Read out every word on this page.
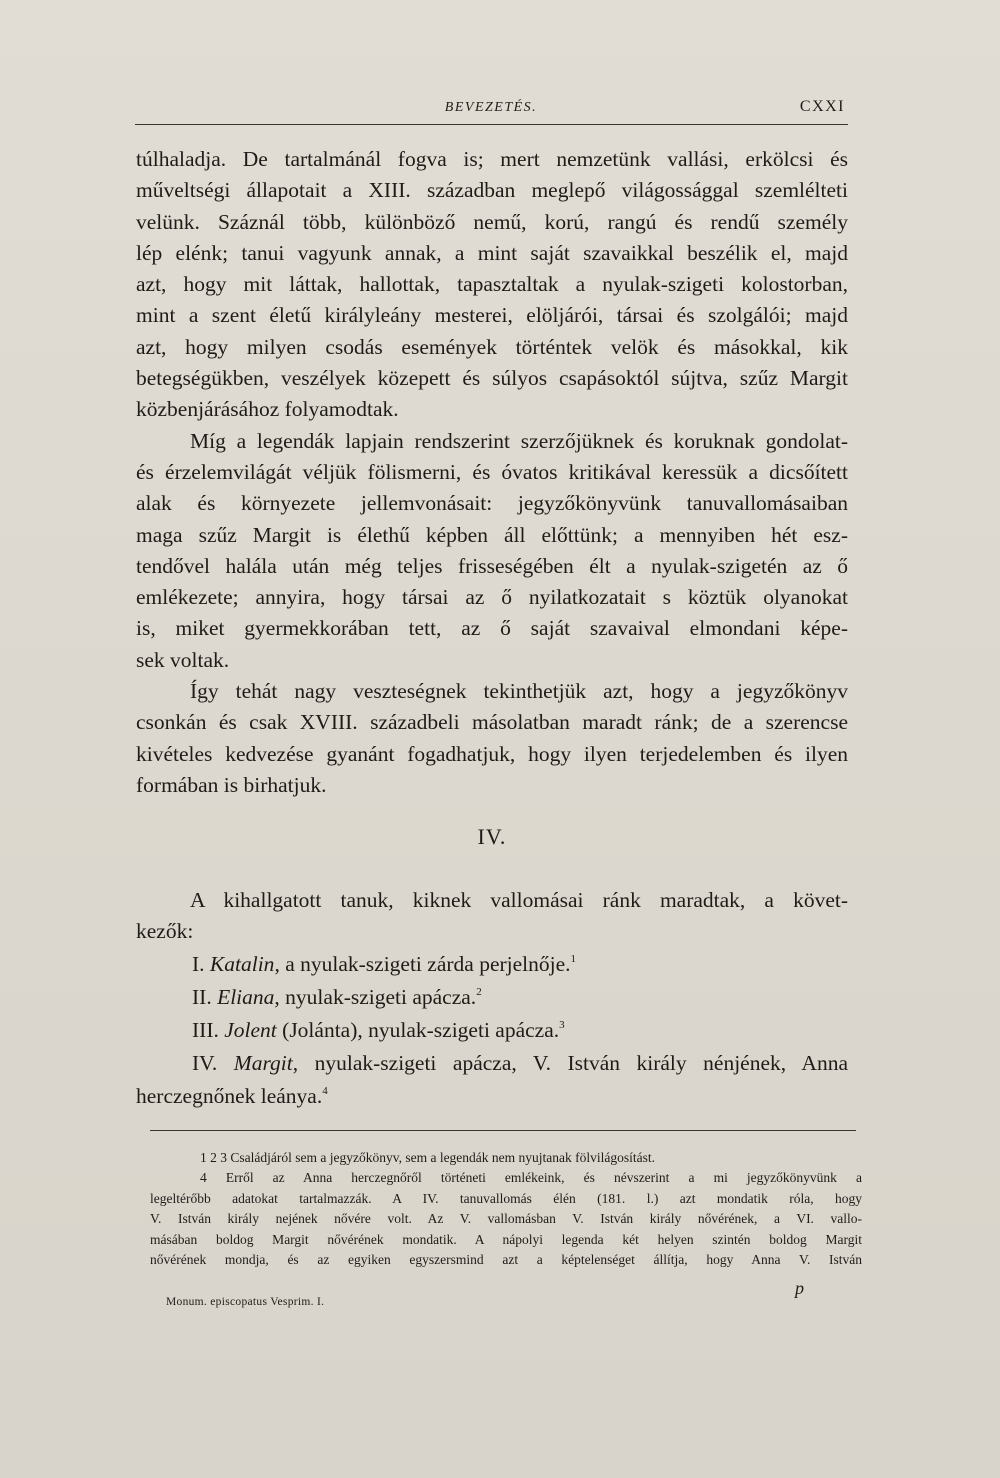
BEVEZETÉS.	CXXI
túlhaladja. De tartalmánál fogva is; mert nemzetünk vallási, erkölcsi és
műveltségi állapotait a XIII. században meglepő világossággal szemlélteti
velünk. Száznál több, különböző nemű, korú, rangú és rendű személy
lép elénk; tanui vagyunk annak, a mint saját szavaikkal beszélik el, majd
azt, hogy mit láttak, hallottak, tapasztaltak a nyulak-szigeti kolostorban,
mint a szent életű királyleány mesterei, elöljárói, társai és szolgálói; majd
azt, hogy milyen csodás események történtek velök és másokkal, kik
betegségükben, veszélyek közepett és súlyos csapásoktól sújtva, szűz Margit
közbenjárásához folyamodtak.
Míg a legendák lapjain rendszerint szerzőjüknek és koruknak gondolat-
és érzelemvilágát véljük fölismerni, és óvatos kritikával keressük a dicsőített
alak és környezete jellemvonásait: jegyzőkönyvünk tanuvallomásaiban
maga szűz Margit is élethű képben áll előttünk; a mennyiben hét esz-
tendővel halála után még teljes frisseségében élt a nyulak-szigetén az ő
emlékezete; annyira, hogy társai az ő nyilatkozatait s köztük olyanokat
is, miket gyermekkorában tett, az ő saját szavaival elmondani képe-
sek voltak.
Így tehát nagy veszteségnek tekinthetjük azt, hogy a jegyzőkönyv
csonkán és csak XVIII. századbeli másolatban maradt ránk; de a szerencse
kivételes kedvezése gyanánt fogadhatjuk, hogy ilyen terjedelemben és ilyen
formában is birhatjuk.
IV.
A kihallgatott tanuk, kiknek vallomásai ránk maradtak, a követ-
kezők:
I. Katalin, a nyulak-szigeti zárda perjelnője.$^1$
II. Eliana, nyulak-szigeti apácza.$^2$
III. Jolent (Jolánta), nyulak-szigeti apácza.$^3$
IV. Margit, nyulak-szigeti apácza, V. István király nénjének, Anna
herczegnőnek leánya.$^4$
1 2 3 Családjáról sem a jegyzőkönyv, sem a legendák nem nyujtanak fölvilágosítást.
4 Erről az Anna herczegnőről történeti emlékeink, és névszerint a mi jegyzőkönyvünk a
legeltérőbb adatokat tartalmazzák. A IV. tanuvallomás élén (181. l.) azt mondatik róla, hogy
V. István király nejének nővére volt. Az V. vallomásban V. István király nővérének, a VI. vallo-
másában boldog Margit nővérének mondatik. A nápolyi legenda két helyen szintén boldog Margit
nővérének mondja, és az egyiken egyszersmind azt a képtelenséget állítja, hogy Anna V. István
p
Monum. episcopatus Vesprim. I.
